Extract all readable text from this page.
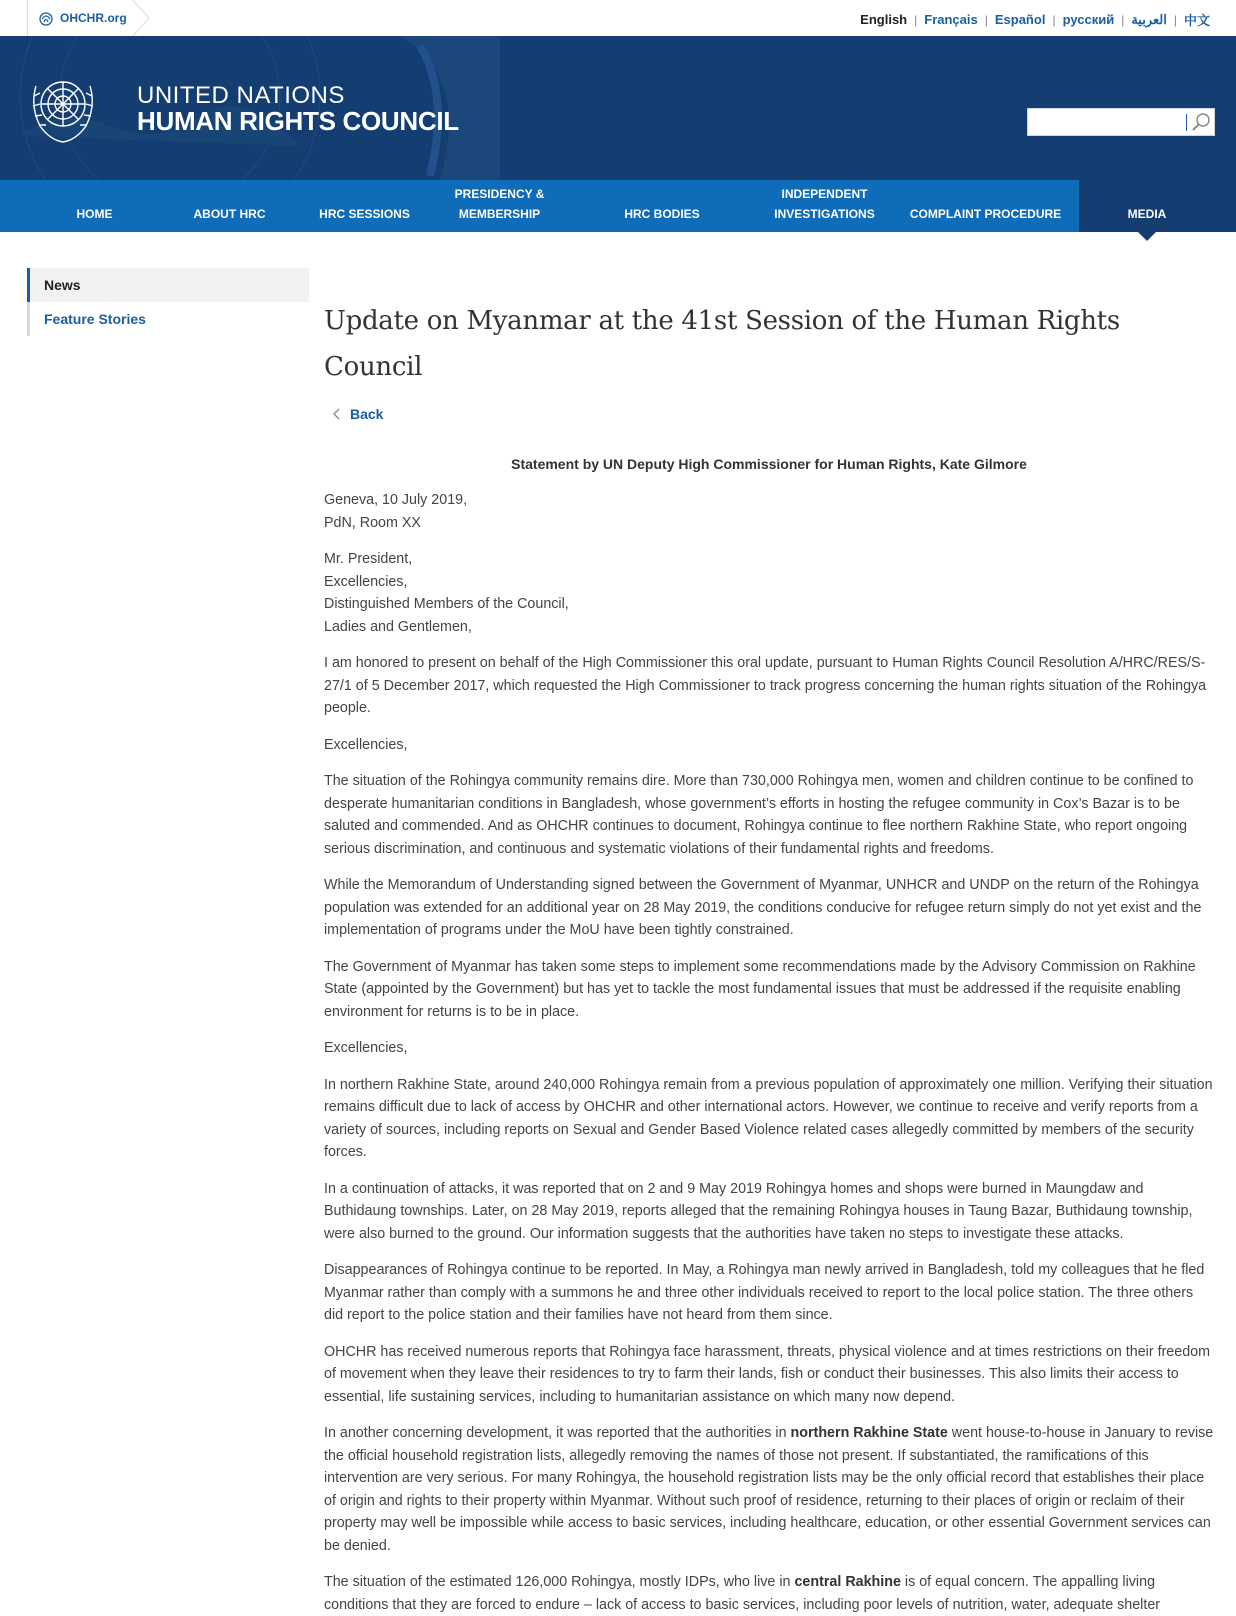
OHCHR.org	English | Français | Español | русский | العربية | 中文
UNITED NATIONS
HUMAN RIGHTS COUNCIL
HOME	ABOUT HRC	HRC SESSIONS
PRESIDENCY &
MEMBERSHIP	HRC BODIES
INDEPENDENT
INVESTIGATIONS	COMPLAINT PROCEDURE	MEDIA
News
Feature Stories	Update on Myanmar at the 41st Session of the Human Rights Council
Back
Statement by UN Deputy High Commissioner for Human Rights, Kate Gilmore

Geneva, 10 July 2019,

PdN, Room XX

Mr. President,

Excellencies,

Distinguished Members of the Council,

Ladies and Gentlemen,

I am honored to present on behalf of the High Commissioner this oral update, pursuant to Human Rights Council Resolution A/HRC/RES/S-27/1 of 5 December 2017, which requested the High Commissioner to track progress concerning the human rights situation of the Rohingya people.

Excellencies,

The situation of the Rohingya community remains dire. More than 730,000 Rohingya men, women and children continue to be confined to desperate humanitarian conditions in Bangladesh, whose government’s efforts in hosting the refugee community in Cox’s Bazar is to be saluted and commended. And as OHCHR continues to document, Rohingya continue to flee northern Rakhine State, who report ongoing serious discrimination, and continuous and systematic violations of their fundamental rights and freedoms.

While the Memorandum of Understanding signed between the Government of Myanmar, UNHCR and UNDP on the return of the Rohingya population was extended for an additional year on 28 May 2019, the conditions conducive for refugee return simply do not yet exist and the implementation of programs under the MoU have been tightly constrained.

The Government of Myanmar has taken some steps to implement some recommendations made by the Advisory Commission on Rakhine State (appointed by the Government) but has yet to tackle the most fundamental issues that must be addressed if the requisite enabling environment for returns is to be in place.

Excellencies,

In northern Rakhine State, around 240,000 Rohingya remain from a previous population of approximately one million. Verifying their situation remains difficult due to lack of access by OHCHR and other international actors. However, we continue to receive and verify reports from a variety of sources, including reports on Sexual and Gender Based Violence related cases allegedly committed by members of the security forces.

In a continuation of attacks, it was reported that on 2 and 9 May 2019 Rohingya homes and shops were burned in Maungdaw and Buthidaung townships. Later, on 28 May 2019, reports alleged that the remaining Rohingya houses in Taung Bazar, Buthidaung township, were also burned to the ground. Our information suggests that the authorities have taken no steps to investigate these attacks.

Disappearances of Rohingya continue to be reported. In May, a Rohingya man newly arrived in Bangladesh, told my colleagues that he fled Myanmar rather than comply with a summons he and three other individuals received to report to the local police station. The three others did report to the police station and their families have not heard from them since.

OHCHR has received numerous reports that Rohingya face harassment, threats, physical violence and at times restrictions on their freedom of movement when they leave their residences to try to farm their lands, fish or conduct their businesses. This also limits their access to essential, life sustaining services, including to humanitarian assistance on which many now depend.

In another concerning development, it was reported that the authorities in northern Rakhine State went house-to-house in January to revise the official household registration lists, allegedly removing the names of those not present. If substantiated, the ramifications of this intervention are very serious. For many Rohingya, the household registration lists may be the only official record that establishes their place of origin and rights to their property within Myanmar. Without such proof of residence, returning to their places of origin or reclaim of their property may well be impossible while access to basic services, including healthcare, education, or other essential Government services can be denied.

The situation of the estimated 126,000 Rohingya, mostly IDPs, who live in central Rakhine is of equal concern. The appalling living conditions that they are forced to endure – lack of access to basic services, including poor levels of nutrition, water, adequate shelter
